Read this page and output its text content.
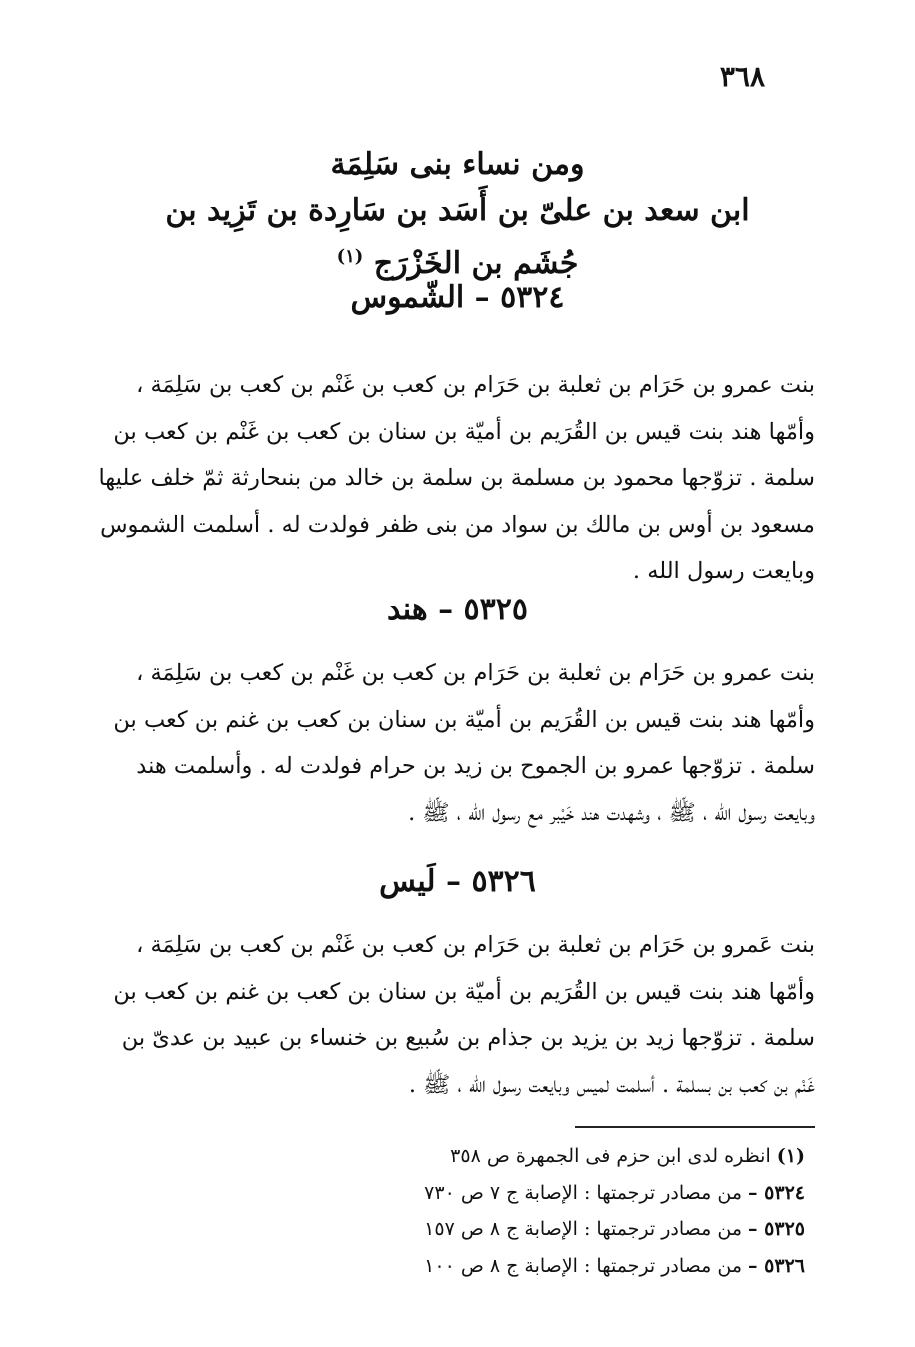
٣٦٨
ومن نساء بنى سَلِمَة
ابن سعد بن علىّ بن أَسَد بن سَارِدة بن تَزِيد بن
جُشَم بن الخَزْرَج $^{(١)}$
٥٣٢٤ – الشّموس
بنت عمرو بن حَرَام بن ثعلبة بن حَرَام بن كعب بن غَنْم بن كعب بن سَلِمَة ،
وأمّها هند بنت قيس بن القُرَيم بن أميّة بن سنان بن كعب بن غَنْم بن كعب بن
سلمة . تزوّجها محمود بن مسلمة بن سلمة بن خالد من بنىحارثة ثمّ خلف عليها
مسعود بن أوس بن مالك بن سواد من بنى ظفر فولدت له . أسلمت الشموس
وبايعت رسول الله .
٥٣٢٥ – هند
بنت عمرو بن حَرَام بن ثعلبة بن حَرَام بن كعب بن غَنْم بن كعب بن سَلِمَة ،
وأمّها هند بنت قيس بن القُرَيم بن أميّة بن سنان بن كعب بن غنم بن كعب بن
سلمة . تزوّجها عمرو بن الجموح بن زيد بن حرام فولدت له . وأسلمت هند
وبايعت رسول الله ، ﷺ ، وشهدت هند خَيْبر مع رسول الله ، ﷺ .
٥٣٢٦ – لَيس
بنت عَمرو بن حَرَام بن ثعلبة بن حَرَام بن كعب بن غَنْم بن كعب بن سَلِمَة ،
وأمّها هند بنت قيس بن القُرَيم بن أميّة بن سنان بن كعب بن غنم بن كعب بن
سلمة . تزوّجها زيد بن يزيد بن جذام بن سُبيع بن خنساء بن عبيد بن عدىّ بن
غَنْم بن كعب بن بسلمة . أسلمت لميس وبايعت رسول الله ، ﷺ .
(١) انظره لدى ابن حزم فى الجمهرة ص ٣٥٨
٥٣٢٤ – من مصادر ترجمتها : الإصابة ج ٧ ص ٧٣٠
٥٣٢٥ – من مصادر ترجمتها : الإصابة ج ٨ ص ١٥٧
٥٣٢٦ – من مصادر ترجمتها : الإصابة ج ٨ ص ١٠٠
